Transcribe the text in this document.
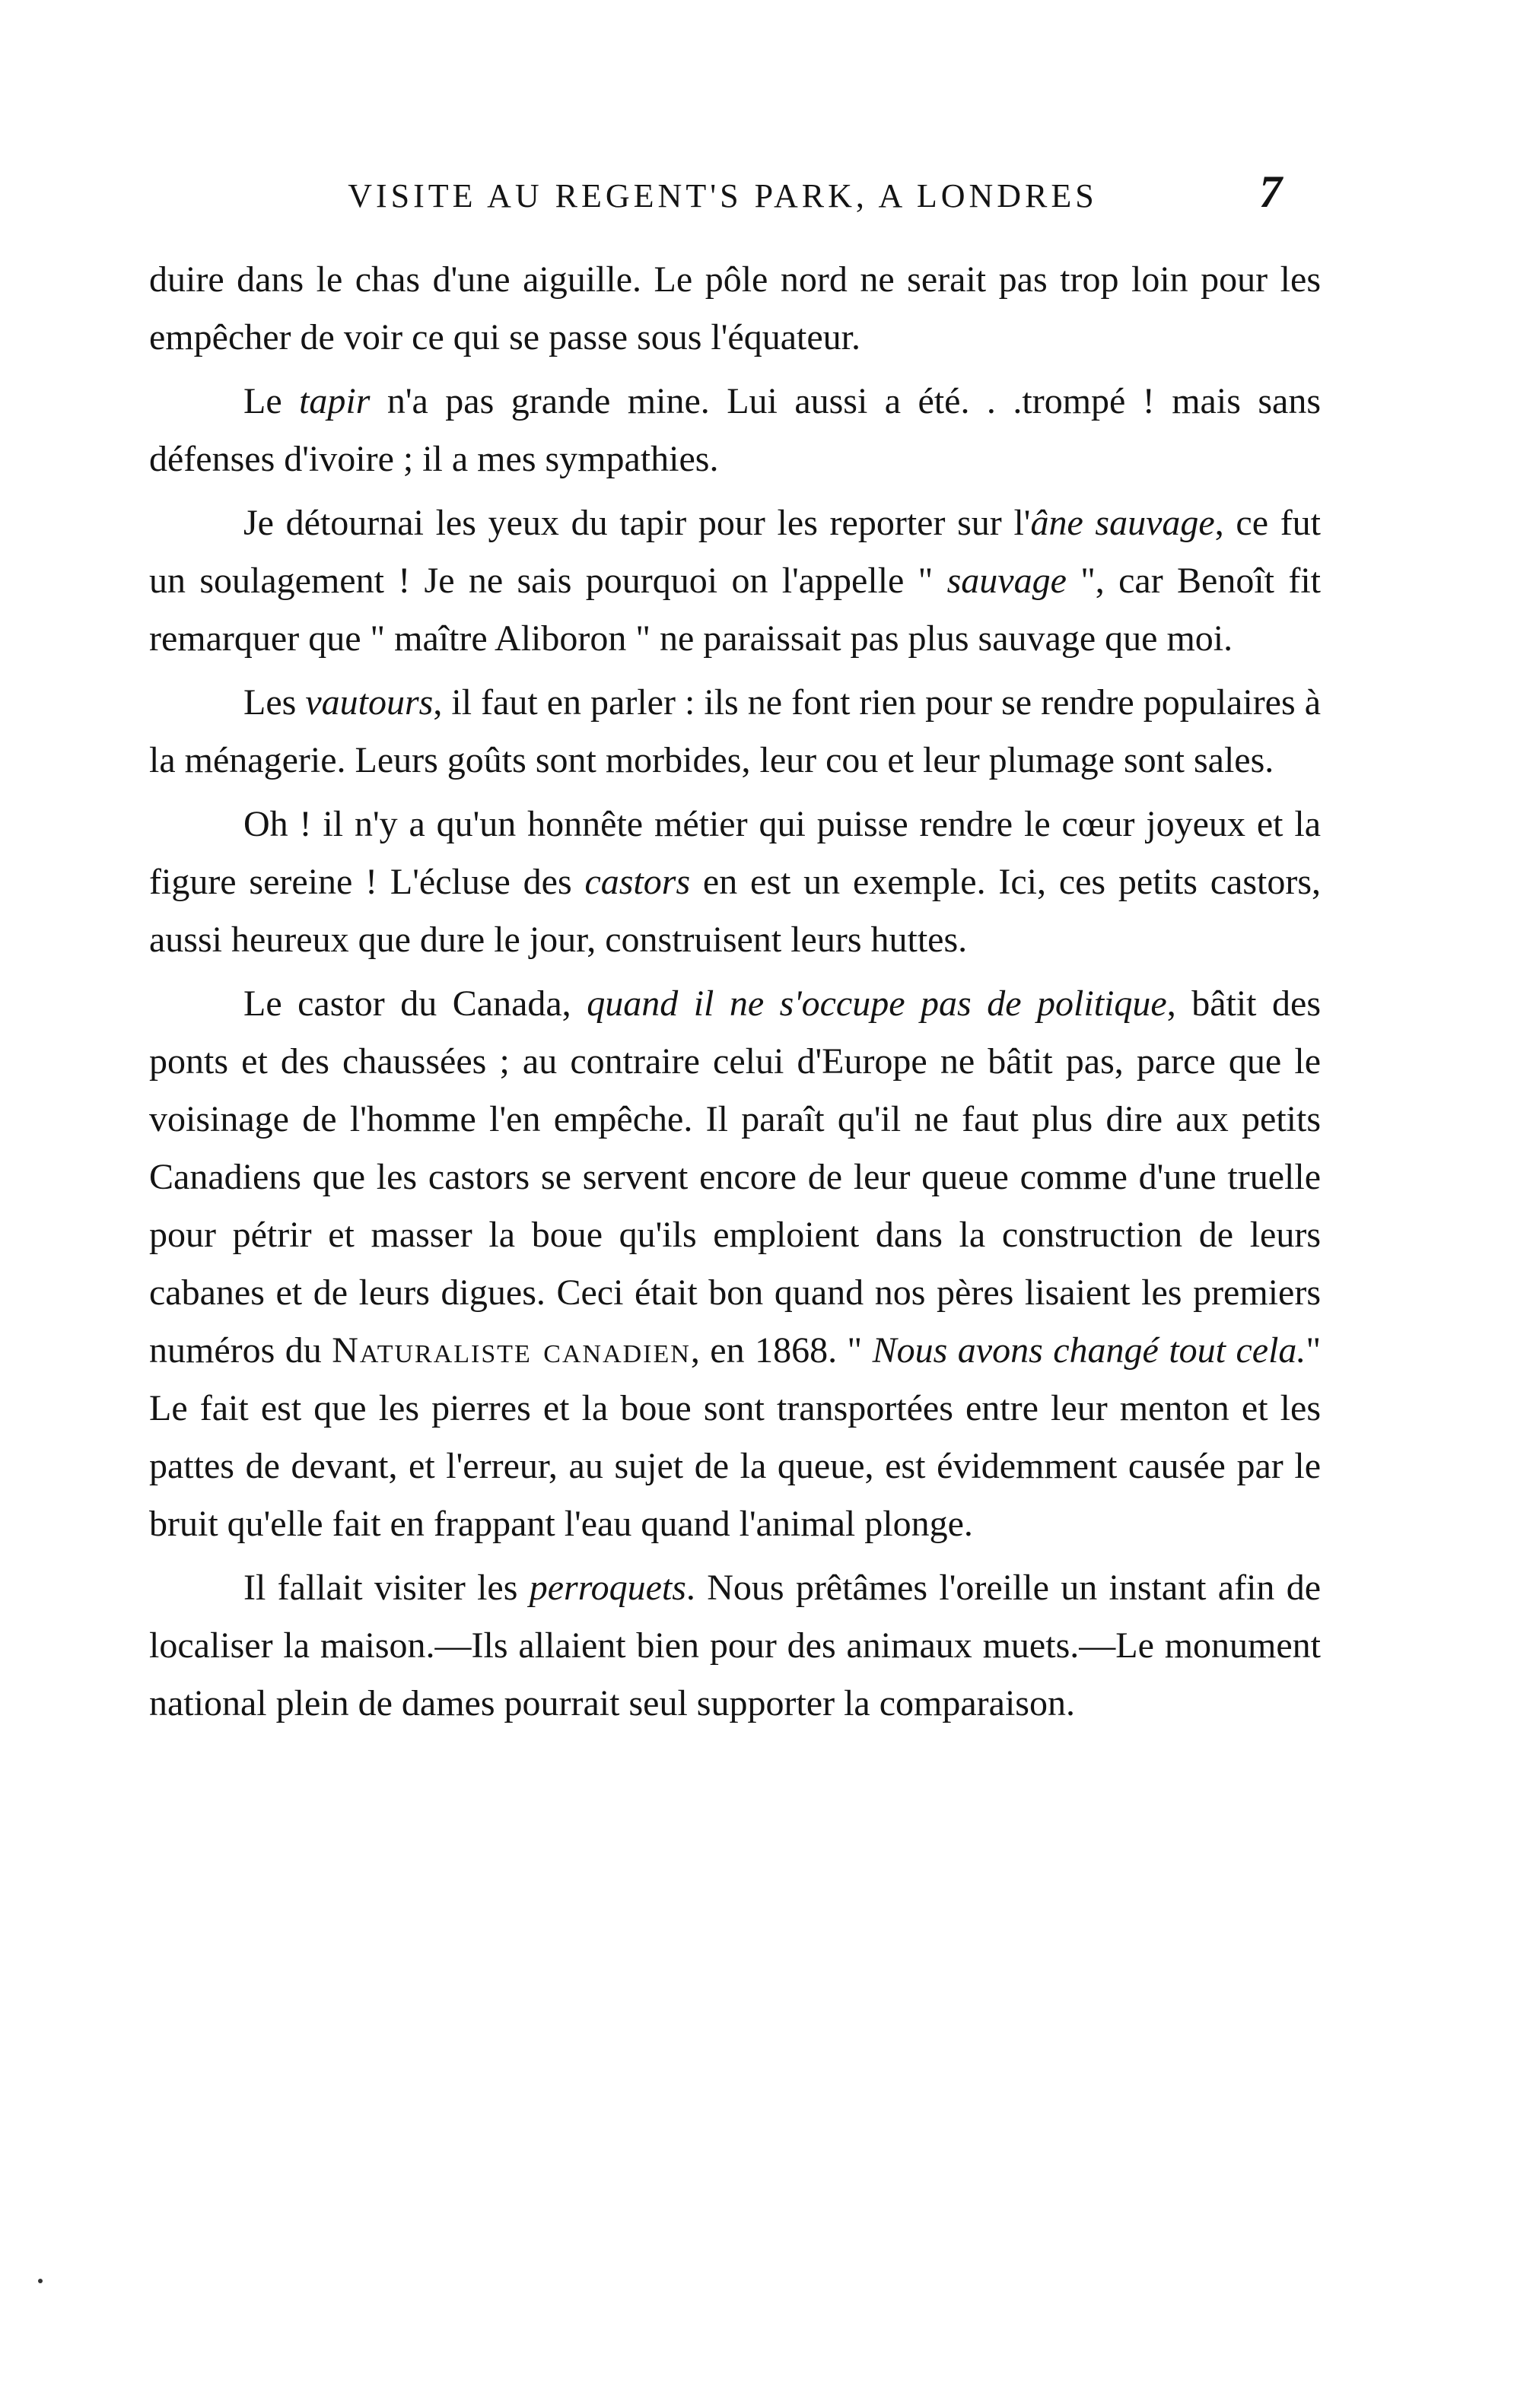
VISITE AU REGENT'S PARK, A LONDRES	7

duire dans le chas d'une aiguille. Le pôle nord ne serait pas trop loin pour les empêcher de voir ce qui se passe sous l'équateur.

Le tapir n'a pas grande mine. Lui aussi a été. . .trompé ! mais sans défenses d'ivoire ; il a mes sympathies.

Je détournai les yeux du tapir pour les reporter sur l'âne sauvage, ce fut un soulagement ! Je ne sais pourquoi on l'appelle " sauvage ", car Benoît fit remarquer que " maître Aliboron " ne paraissait pas plus sauvage que moi.

Les vautours, il faut en parler : ils ne font rien pour se rendre populaires à la ménagerie. Leurs goûts sont morbides, leur cou et leur plumage sont sales.

Oh ! il n'y a qu'un honnête métier qui puisse rendre le cœur joyeux et la figure sereine ! L'écluse des castors en est un exemple. Ici, ces petits castors, aussi heureux que dure le jour, construisent leurs huttes.

Le castor du Canada, quand il ne s'occupe pas de politique, bâtit des ponts et des chaussées ; au contraire celui d'Europe ne bâtit pas, parce que le voisinage de l'homme l'en empêche. Il paraît qu'il ne faut plus dire aux petits Canadiens que les castors se servent encore de leur queue comme d'une truelle pour pétrir et masser la boue qu'ils emploient dans la construction de leurs cabanes et de leurs digues. Ceci était bon quand nos pères lisaient les premiers numéros du Naturaliste canadien, en 1868. " Nous avons changé tout cela." Le fait est que les pierres et la boue sont transportées entre leur menton et les pattes de devant, et l'erreur, au sujet de la queue, est évidemment causée par le bruit qu'elle fait en frappant l'eau quand l'animal plonge.

Il fallait visiter les perroquets. Nous prêtâmes l'oreille un instant afin de localiser la maison.—Ils allaient bien pour des animaux muets.—Le monument national plein de dames pourrait seul supporter la comparaison.
